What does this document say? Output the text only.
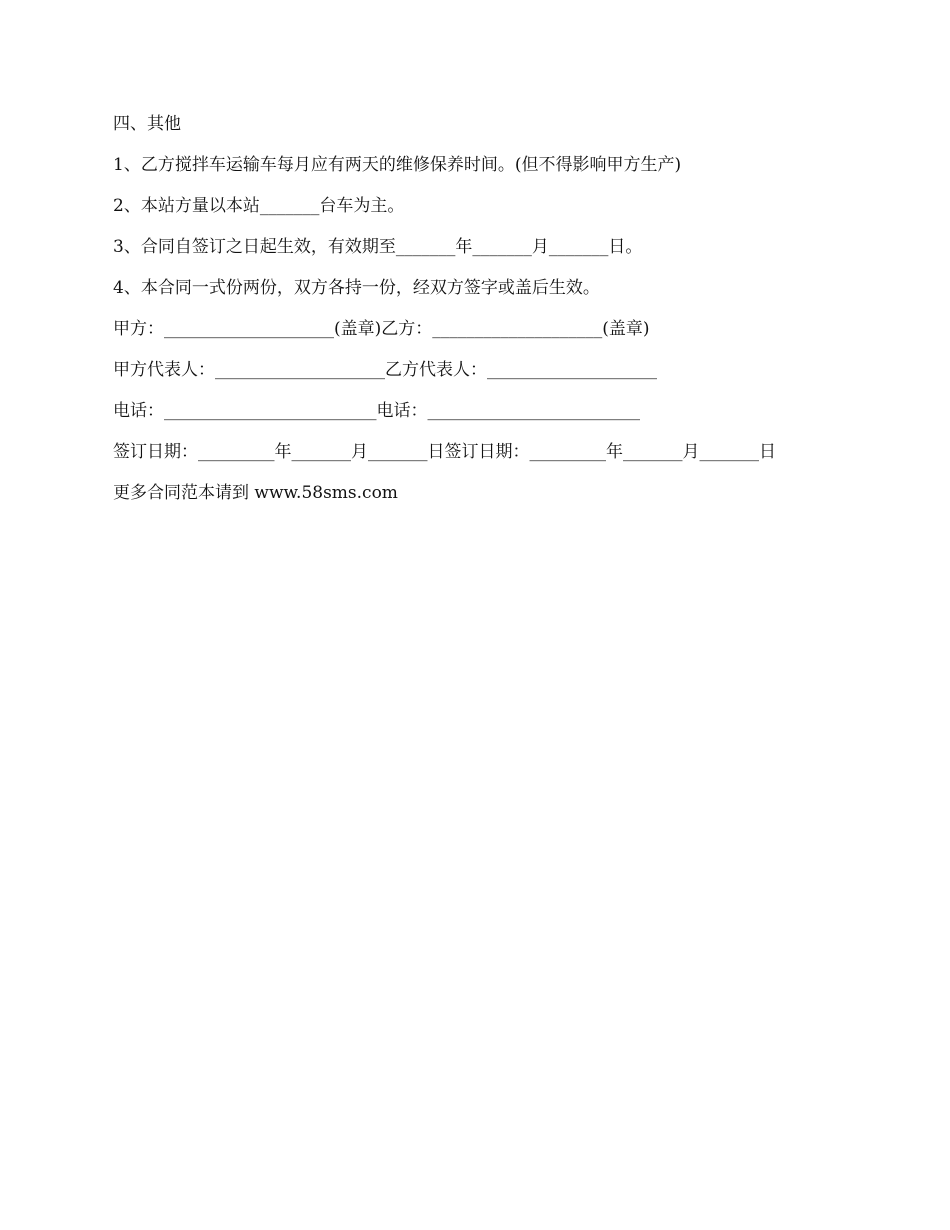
四、其他
1、乙方搅拌车运输车每月应有两天的维修保养时间。(但不得影响甲方生产)
2、本站方量以本站_______台车为主。
3、合同自签订之日起生效，有效期至_______年_______月_______日。
4、本合同一式份两份，双方各持一份，经双方签字或盖后生效。
甲方：____________________(盖章)乙方：____________________(盖章)
甲方代表人：____________________乙方代表人：____________________
电话：_________________________电话：_________________________
签订日期：_________年_______月_______日签订日期：_________年_______月_______日
更多合同范本请到 www.58sms.com
